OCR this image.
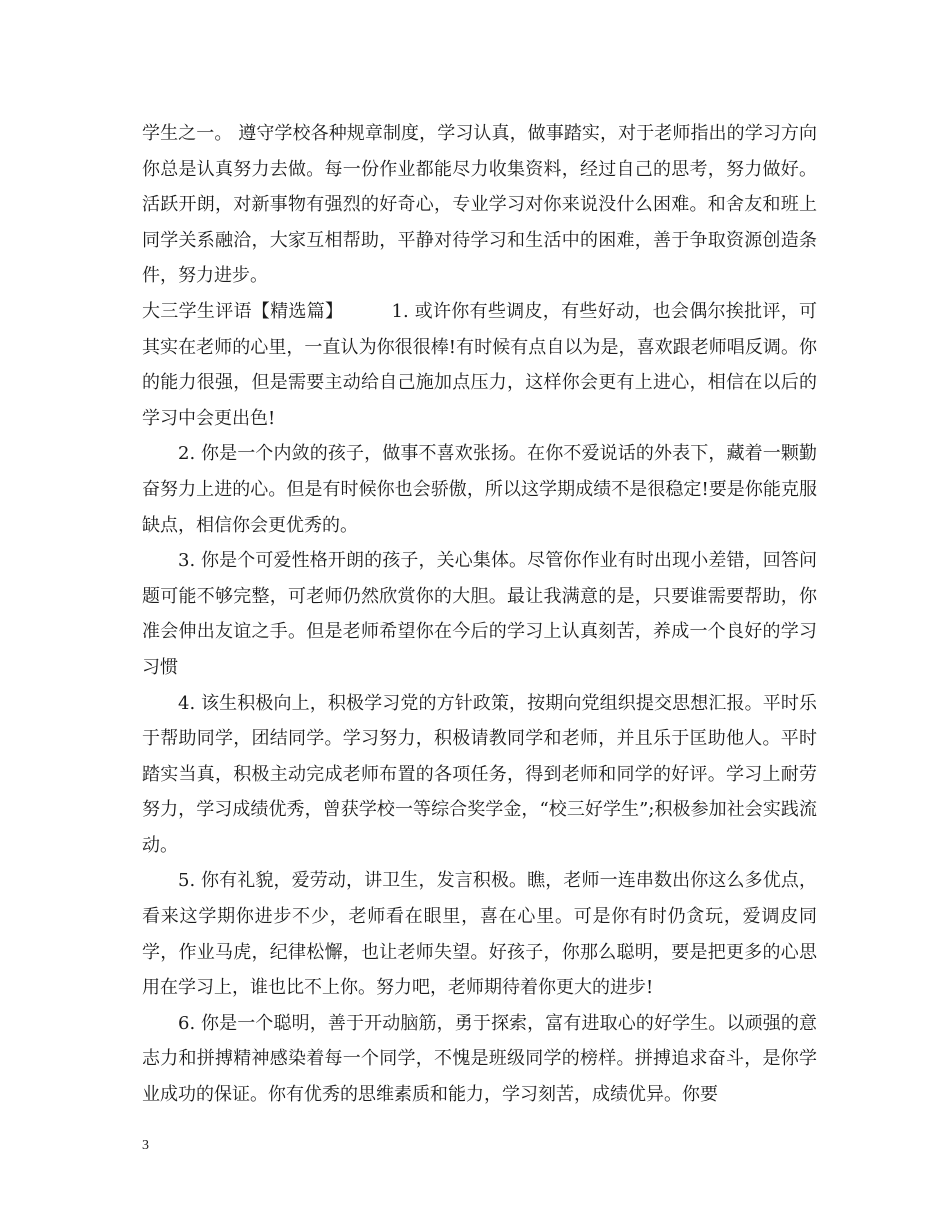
学生之一。 遵守学校各种规章制度，学习认真，做事踏实，对于老师指出的学习方向你总是认真努力去做。每一份作业都能尽力收集资料，经过自己的思考，努力做好。 活跃开朗，对新事物有强烈的好奇心，专业学习对你来说没什么困难。和舍友和班上同学关系融洽，大家互相帮助，平静对待学习和生活中的困难，善于争取资源创造条件，努力进步。

大三学生评语【精选篇】	1. 或许你有些调皮，有些好动，也会偶尔挨批评，可其实在老师的心里，一直认为你很很棒!有时候有点自以为是，喜欢跟老师唱反调。你的能力很强，但是需要主动给自己施加点压力，这样你会更有上进心，相信在以后的学习中会更出色!

2. 你是一个内敛的孩子，做事不喜欢张扬。在你不爱说话的外表下，藏着一颗勤奋努力上进的心。但是有时候你也会骄傲，所以这学期成绩不是很稳定!要是你能克服缺点，相信你会更优秀的。

3. 你是个可爱性格开朗的孩子，关心集体。尽管你作业有时出现小差错，回答问题可能不够完整，可老师仍然欣赏你的大胆。最让我满意的是，只要谁需要帮助，你准会伸出友谊之手。但是老师希望你在今后的学习上认真刻苦，养成一个良好的学习习惯

4. 该生积极向上，积极学习党的方针政策，按期向党组织提交思想汇报。平时乐于帮助同学，团结同学。学习努力，积极请教同学和老师，并且乐于匡助他人。平时踏实当真，积极主动完成老师布置的各项任务，得到老师和同学的好评。学习上耐劳努力，学习成绩优秀，曾获学校一等综合奖学金，“校三好学生”;积极参加社会实践流动。

5. 你有礼貌，爱劳动，讲卫生，发言积极。瞧，老师一连串数出你这么多优点，看来这学期你进步不少，老师看在眼里，喜在心里。可是你有时仍贪玩，爱调皮同学，作业马虎，纪律松懈，也让老师失望。好孩子，你那么聪明，要是把更多的心思用在学习上，谁也比不上你。努力吧，老师期待着你更大的进步!

6. 你是一个聪明，善于开动脑筋，勇于探索，富有进取心的好学生。以顽强的意志力和拼搏精神感染着每一个同学，不愧是班级同学的榜样。拼搏追求奋斗，是你学业成功的保证。你有优秀的思维素质和能力，学习刻苦，成绩优异。你要

3
